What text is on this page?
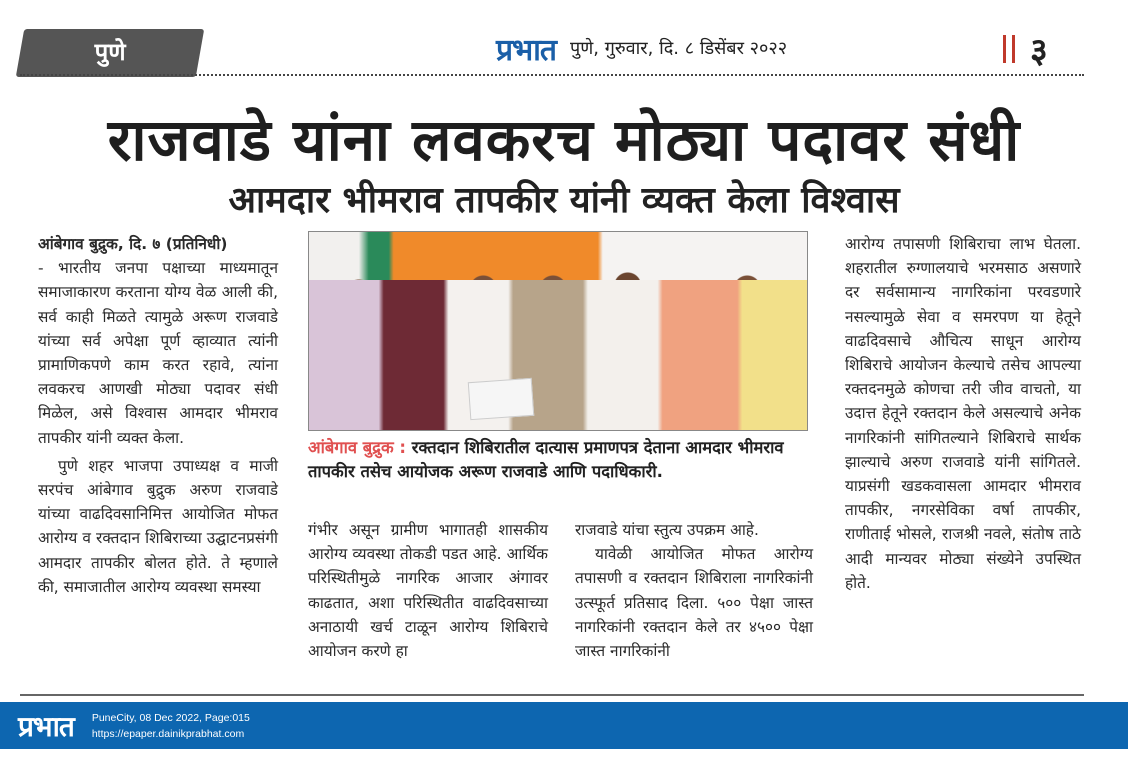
पुणे	प्रभात पुणे, गुरुवार, दि. ८ डिसेंबर २०२२	३
राजवाडे यांना लवकरच मोठ्या पदावर संधी
आमदार भीमराव तापकीर यांनी व्यक्त केला विश्वास

आंबेगाव बुद्रुक, दि. ७ (प्रतिनिधी)

- भारतीय जनपा पक्षाच्या माध्यमातून समाजाकारण करताना योग्य वेळ आली की, सर्व काही मिळते त्यामुळे अरूण राजवाडे यांच्या सर्व अपेक्षा पूर्ण व्हाव्यात त्यांनी प्रामाणिकपणे काम करत रहावे, त्यांना लवकरच आणखी मोठ्या पदावर संधी मिळेल, असे विश्वास आमदार भीमराव तापकीर यांनी व्यक्त केला.

पुणे शहर भाजपा उपाध्यक्ष व माजी सरपंच आंबेगाव बुद्रुक अरुण राजवाडे यांच्या वाढदिवसानिमित्त आयोजित मोफत आरोग्य व रक्तदान शिबिराच्या उद्घाटनप्रसंगी आमदार तापकीर बोलत होते. ते म्हणाले की, समाजातील आरोग्य व्यवस्था समस्या

आंबेगाव बुद्रुक : रक्तदान शिबिरातील दात्यास प्रमाणपत्र देताना आमदार भीमराव तापकीर तसेच आयोजक अरूण राजवाडे आणि पदाधिकारी.

गंभीर असून ग्रामीण भागातही शासकीय आरोग्य व्यवस्था तोकडी पडत आहे. आर्थिक परिस्थितीमुळे नागरिक आजार अंगावर काढतात, अशा परिस्थितीत वाढदिवसाच्या अनाठायी खर्च टाळून आरोग्य शिबिराचे आयोजन करणे हा

राजवाडे यांचा स्तुत्य उपक्रम आहे.

यावेळी आयोजित मोफत आरोग्य तपासणी व रक्तदान शिबिराला नागरिकांनी उत्स्फूर्त प्रतिसाद दिला. ५०० पेक्षा जास्त नागरिकांनी रक्तदान केले तर ४५०० पेक्षा जास्त नागरिकांनी

आरोग्य तपासणी शिबिराचा लाभ घेतला. शहरातील रुग्णालयाचे भरमसाठ असणारे दर सर्वसामान्य नागरिकांना परवडणारे नसल्यामुळे सेवा व समरपण या हेतूने वाढदिवसाचे औचित्य साधून आरोग्य शिबिराचे आयोजन केल्याचे तसेच आपल्या रक्तदनमुळे कोणचा तरी जीव वाचतो, या उदात्त हेतूने रक्तदान केले असल्याचे अनेक नागरिकांनी सांगितल्याने शिबिराचे सार्थक झाल्याचे अरुण राजवाडे यांनी सांगितले. याप्रसंगी खडकवासला आमदार भीमराव तापकीर, नगरसेविका वर्षा तापकीर, राणीताई भोसले, राजश्री नवले, संतोष ताठे आदी मान्यवर मोठ्या संख्येने उपस्थित होते.

प्रभात PuneCity, 08 Dec 2022, Page:015
https://epaper.dainikprabhat.com
